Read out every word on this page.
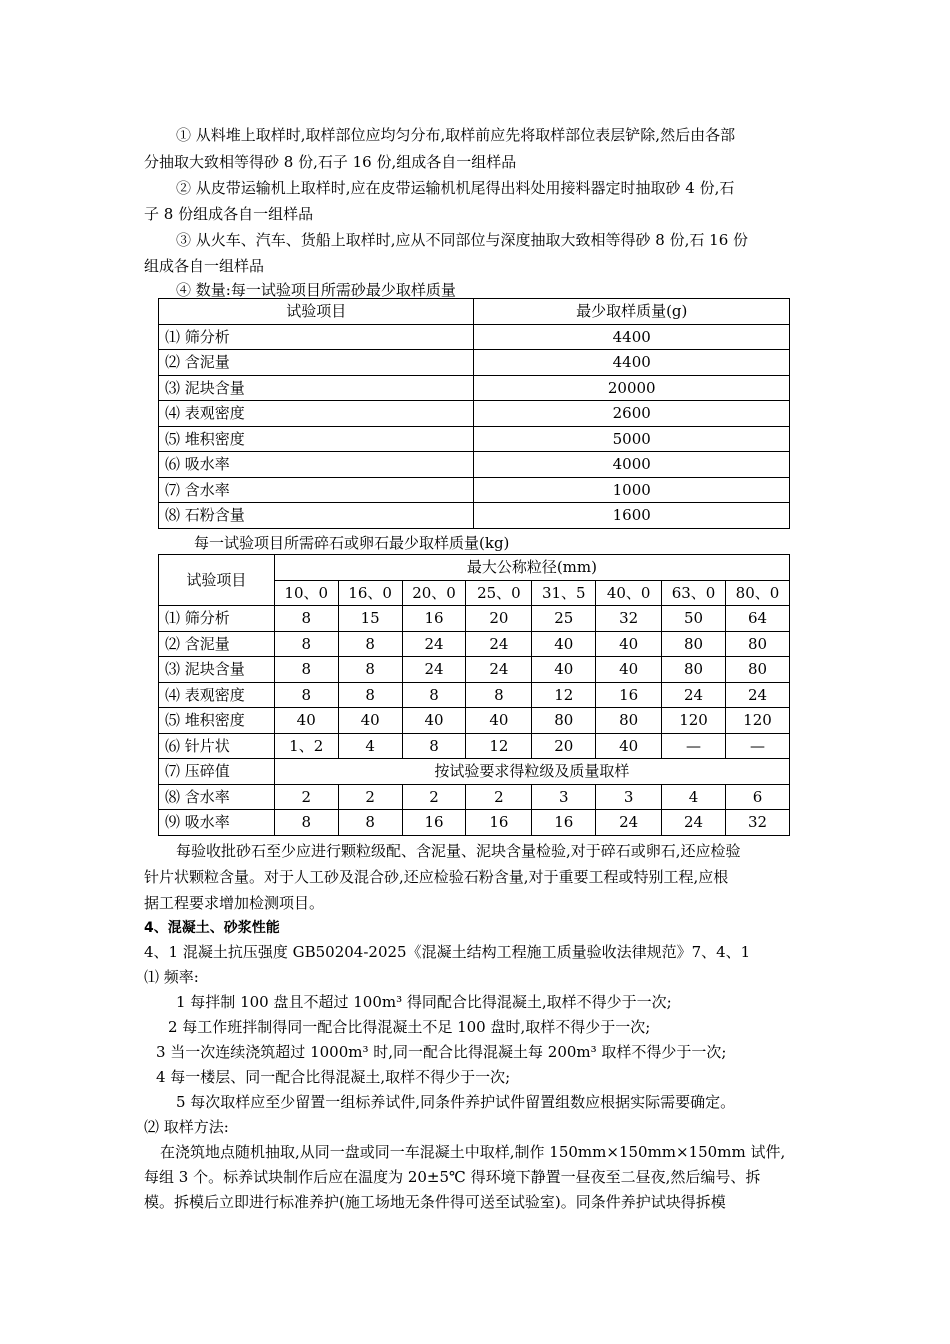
① 从料堆上取样时,取样部位应均匀分布,取样前应先将取样部位表层铲除,然后由各部
分抽取大致相等得砂 8 份,石子 16 份,组成各自一组样品
② 从皮带运输机上取样时,应在皮带运输机机尾得出料处用接料器定时抽取砂 4 份,石
子 8 份组成各自一组样品
③ 从火车、汽车、货船上取样时,应从不同部位与深度抽取大致相等得砂 8 份,石 16 份
组成各自一组样品
④ 数量:每一试验项目所需砂最少取样质量
试验项目	最少取样质量(g)
⑴ 筛分析	4400
⑵ 含泥量	4400
⑶ 泥块含量	20000
⑷ 表观密度	2600
⑸ 堆积密度	5000
⑹ 吸水率	4000
⑺ 含水率	1000
⑻ 石粉含量	1600
每一试验项目所需碎石或卵石最少取样质量(kg)
试验项目	最大公称粒径(mm)							
	10、0	16、0	20、0	25、0	31、5	40、0	63、0	80、0
⑴ 筛分析	8	15	16	20	25	32	50	64
⑵ 含泥量	8	8	24	24	40	40	80	80
⑶ 泥块含量	8	8	24	24	40	40	80	80
⑷ 表观密度	8	8	8	8	12	16	24	24
⑸ 堆积密度	40	40	40	40	80	80	120	120
⑹ 针片状	1、2	4	8	12	20	40	—	—
⑺ 压碎值	按试验要求得粒级及质量取样							
⑻ 含水率	2	2	2	2	3	3	4	6
⑼ 吸水率	8	8	16	16	16	24	24	32
每验收批砂石至少应进行颗粒级配、含泥量、泥块含量检验,对于碎石或卵石,还应检验
针片状颗粒含量。对于人工砂及混合砂,还应检验石粉含量,对于重要工程或特别工程,应根
据工程要求增加检测项目。
4、混凝土、砂浆性能
4、1 混凝土抗压强度 GB50204-2025《混凝土结构工程施工质量验收法律规范》7、4、1
⑴ 频率:
1 每拌制 100 盘且不超过 100m³ 得同配合比得混凝土,取样不得少于一次;
2 每工作班拌制得同一配合比得混凝土不足 100 盘时,取样不得少于一次;
3 当一次连续浇筑超过 1000m³ 时,同一配合比得混凝土每 200m³ 取样不得少于一次;
4 每一楼层、同一配合比得混凝土,取样不得少于一次;
5 每次取样应至少留置一组标养试件,同条件养护试件留置组数应根据实际需要确定。
⑵ 取样方法:
在浇筑地点随机抽取,从同一盘或同一车混凝土中取样,制作 150mm×150mm×150mm 试件,
每组 3 个。标养试块制作后应在温度为 20±5℃ 得环境下静置一昼夜至二昼夜,然后编号、拆
模。拆模后立即进行标准养护(施工场地无条件得可送至试验室)。同条件养护试块得拆模
